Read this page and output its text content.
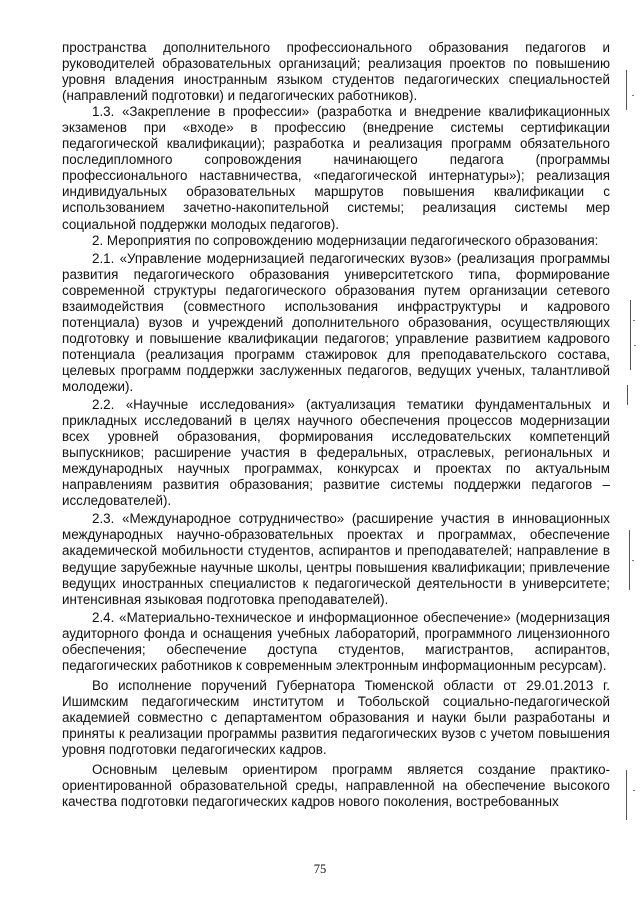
пространства дополнительного профессионального образования педагогов и руководителей образовательных организаций; реализация проектов по повышению уровня владения иностранным языком студентов педагогических специальностей (направлений подготовки) и педагогических работников).

1.3. «Закрепление в профессии» (разработка и внедрение квалификационных экзаменов при «входе» в профессию (внедрение системы сертификации педагогической квалификации); разработка и реализация программ обязательного последипломного сопровождения начинающего педагога (программы профессионального наставничества, «педагогической интернатуры»); реализация индивидуальных образовательных маршрутов повышения квалификации с использованием зачетно-накопительной системы; реализация системы мер социальной поддержки молодых педагогов).

2. Мероприятия по сопровождению модернизации педагогического образования:

2.1. «Управление модернизацией педагогических вузов» (реализация программы развития педагогического образования университетского типа, формирование современной структуры педагогического образования путем организации сетевого взаимодействия (совместного использования инфраструктуры и кадрового потенциала) вузов и учреждений дополнительного образования, осуществляющих подготовку и повышение квалификации педагогов; управление развитием кадрового потенциала (реализация программ стажировок для преподавательского состава, целевых программ поддержки заслуженных педагогов, ведущих ученых, талантливой молодежи).

2.2. «Научные исследования» (актуализация тематики фундаментальных и прикладных исследований в целях научного обеспечения процессов модернизации всех уровней образования, формирования исследовательских компетенций выпускников; расширение участия в федеральных, отраслевых, региональных и международных научных программах, конкурсах и проектах по актуальным направлениям развития образования; развитие системы поддержки педагогов – исследователей).

2.3. «Международное сотрудничество» (расширение участия в инновационных международных научно-образовательных проектах и программах, обеспечение академической мобильности студентов, аспирантов и преподавателей; направление в ведущие зарубежные научные школы, центры повышения квалификации; привлечение ведущих иностранных специалистов к педагогической деятельности в университете; интенсивная языковая подготовка преподавателей).

2.4. «Материально-техническое и информационное обеспечение» (модернизация аудиторного фонда и оснащения учебных лабораторий, программного лицензионного обеспечения; обеспечение доступа студентов, магистрантов, аспирантов, педагогических работников к современным электронным информационным ресурсам).

Во исполнение поручений Губернатора Тюменской области от 29.01.2013 г. Ишимским педагогическим институтом и Тобольской социально-педагогической академией совместно с департаментом образования и науки были разработаны и приняты к реализации программы развития педагогических вузов с учетом повышения уровня подготовки педагогических кадров.

Основным целевым ориентиром программ является создание практико-ориентированной образовательной среды, направленной на обеспечение высокого качества подготовки педагогических кадров нового поколения, востребованных

75
